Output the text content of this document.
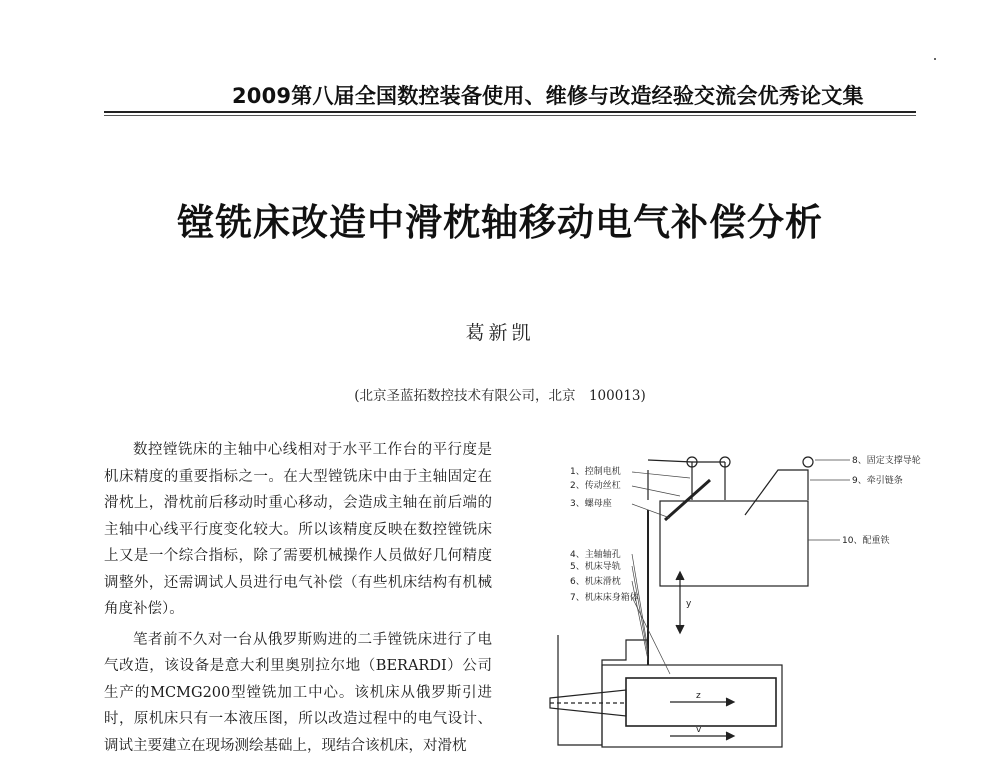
2009第八届全国数控装备使用、维修与改造经验交流会优秀论文集
镗铣床改造中滑枕轴移动电气补偿分析
葛新凯
(北京圣蓝拓数控技术有限公司，北京　100013)

数控镗铣床的主轴中心线相对于水平工作台的平行度是机床精度的重要指标之一。在大型镗铣床中由于主轴固定在滑枕上，滑枕前后移动时重心移动，会造成主轴在前后端的主轴中心线平行度变化较大。所以该精度反映在数控镗铣床上又是一个综合指标，除了需要机械操作人员做好几何精度调整外，还需调试人员进行电气补偿（有些机床结构有机械角度补偿）。

笔者前不久对一台从俄罗斯购进的二手镗铣床进行了电气改造，该设备是意大利里奥别拉尔地（BERARDI）公司生产的MCMG200型镗铣加工中心。该机床从俄罗斯引进时，原机床只有一本液压图，所以改造过程中的电气设计、调试主要建立在现场测绘基础上，现结合该机床，对滑枕

1、控制电机
2、传动丝杠
3、螺母座
4、主轴轴孔
5、机床导轨
6、机床滑枕
7、机床床身箱体
8、固定支撑导轮
9、牵引链条
10、配重铁
y
z
v
